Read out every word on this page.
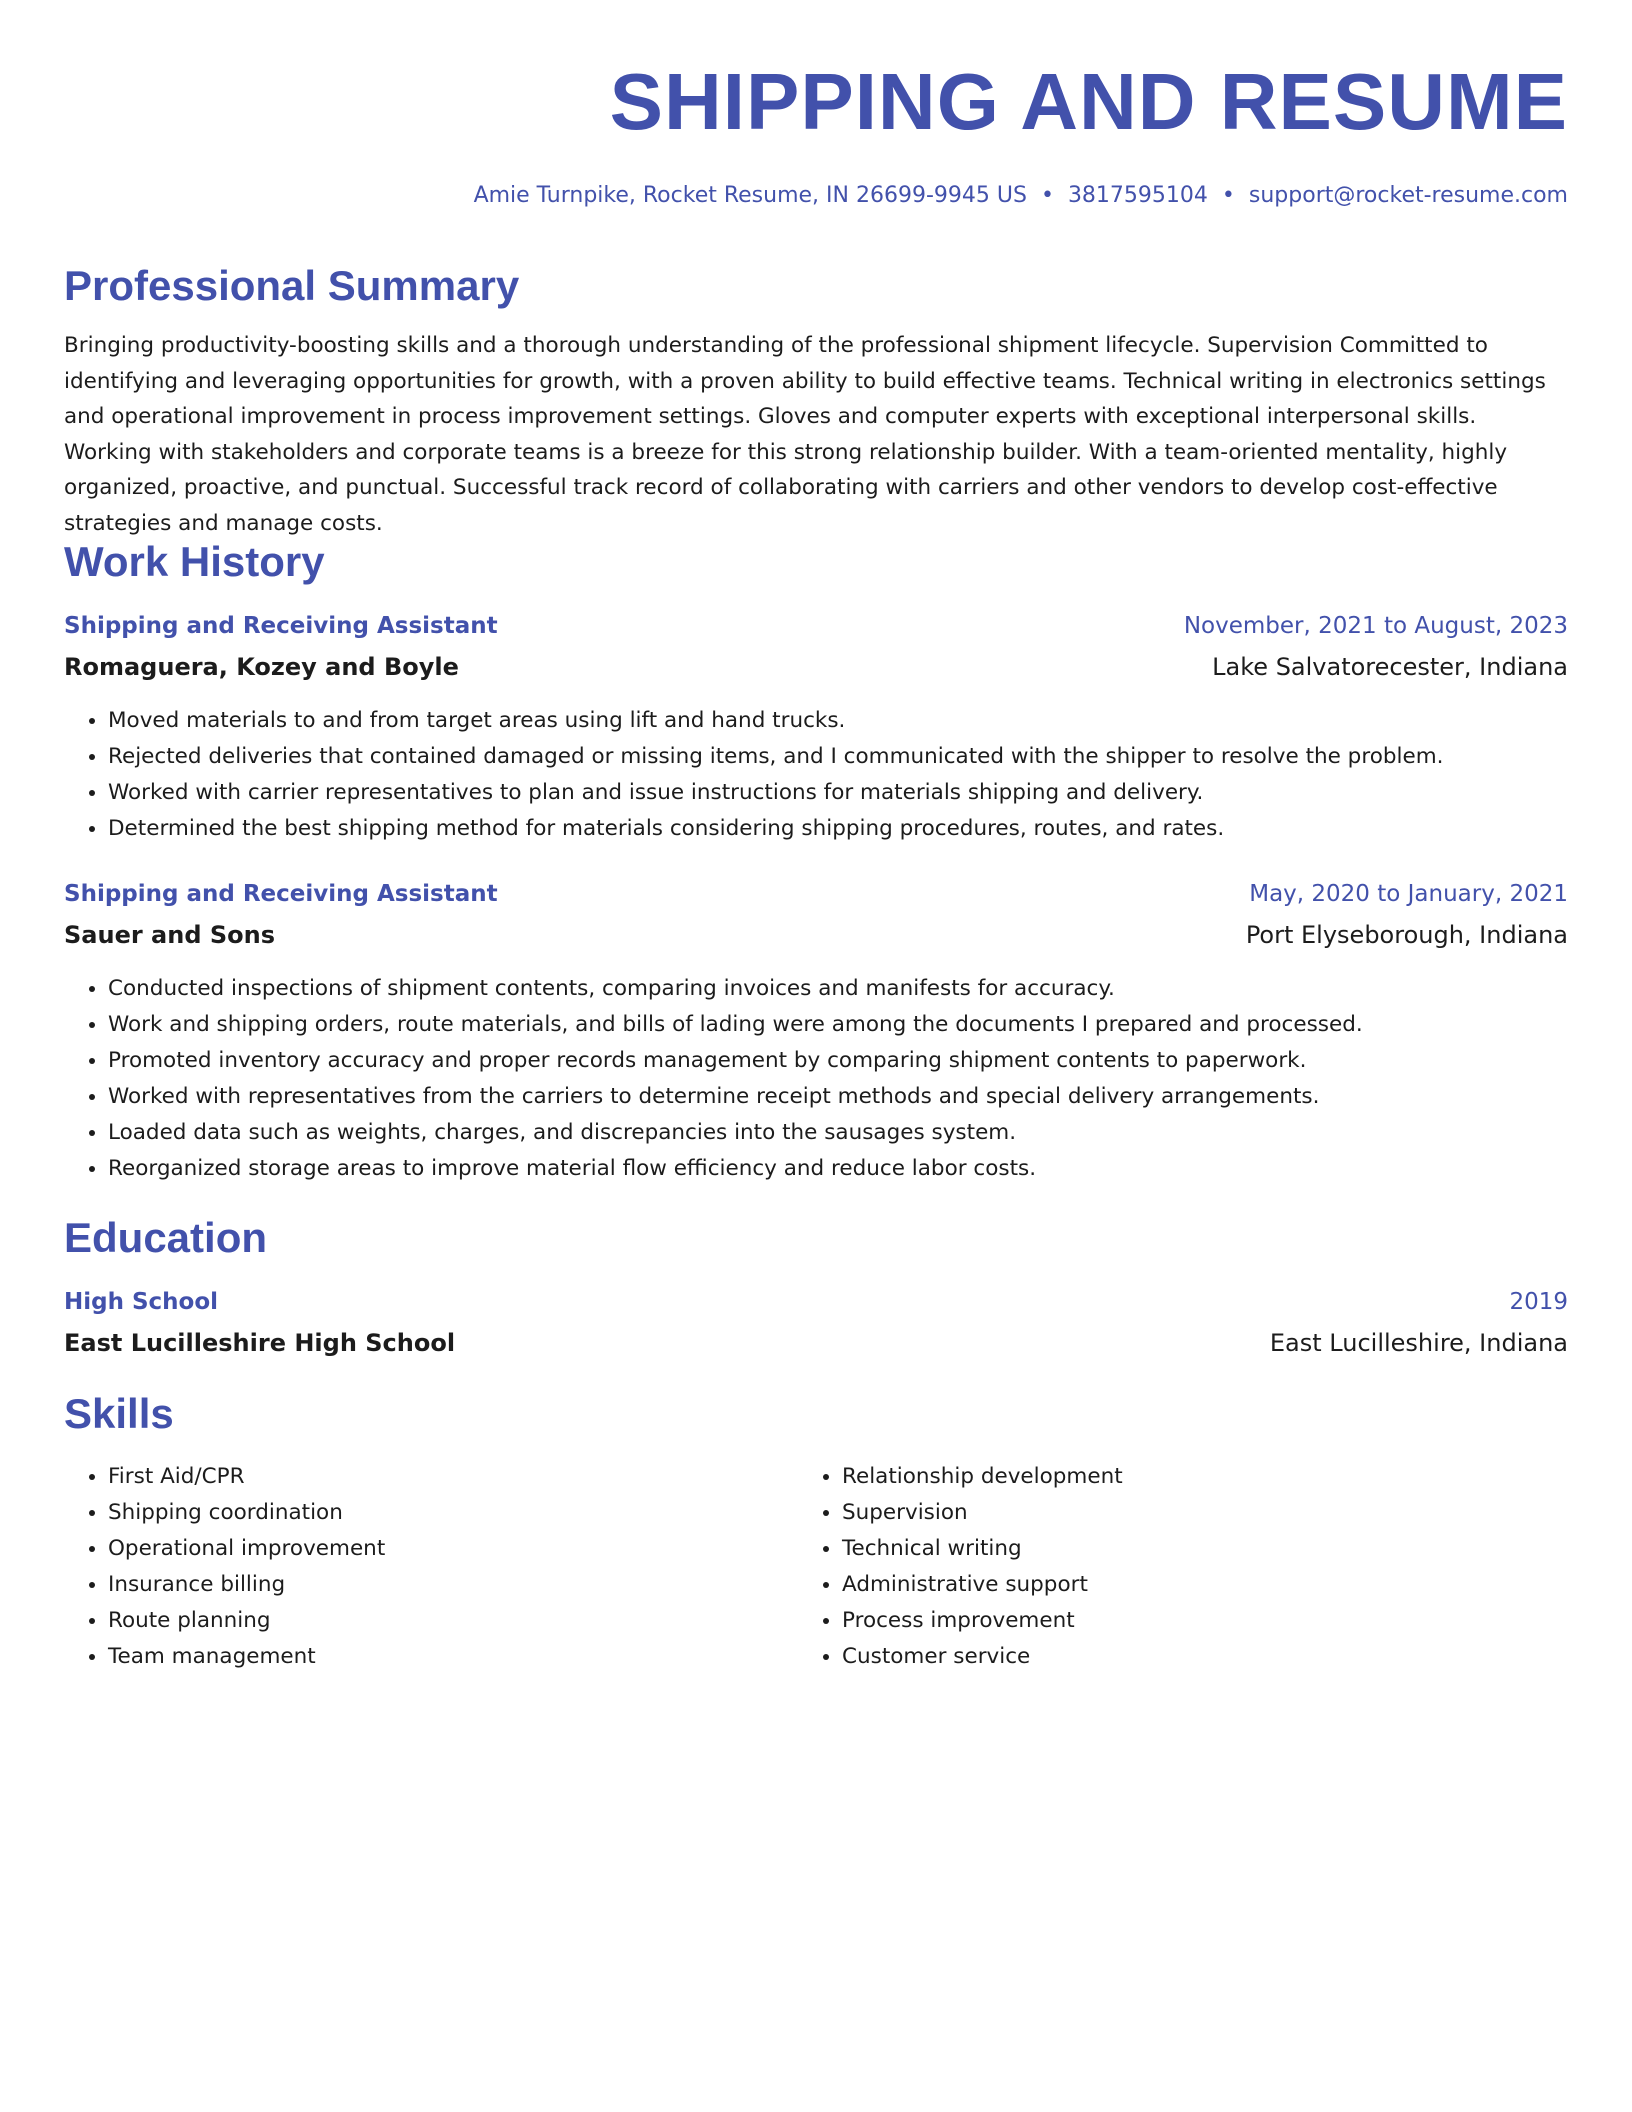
SHIPPING AND RESUME

Amie Turnpike, Rocket Resume, IN 26699-9945 US • 3817595104 • support@rocket-resume.com

Professional Summary

Bringing productivity-boosting skills and a thorough understanding of the professional shipment lifecycle. Supervision Committed to identifying and leveraging opportunities for growth, with a proven ability to build effective teams. Technical writing in electronics settings and operational improvement in process improvement settings. Gloves and computer experts with exceptional interpersonal skills. Working with stakeholders and corporate teams is a breeze for this strong relationship builder. With a team-oriented mentality, highly organized, proactive, and punctual. Successful track record of collaborating with carriers and other vendors to develop cost-effective strategies and manage costs.

Work History
Shipping and Receiving Assistant	November, 2021 to August, 2023
Romaguera, Kozey and Boyle	Lake Salvatorecester, Indiana
• Moved materials to and from target areas using lift and hand trucks.
• Rejected deliveries that contained damaged or missing items, and I communicated with the shipper to resolve the problem.
• Worked with carrier representatives to plan and issue instructions for materials shipping and delivery.
• Determined the best shipping method for materials considering shipping procedures, routes, and rates.
Shipping and Receiving Assistant	May, 2020 to January, 2021
Sauer and Sons	Port Elyseborough, Indiana
• Conducted inspections of shipment contents, comparing invoices and manifests for accuracy.
• Work and shipping orders, route materials, and bills of lading were among the documents I prepared and processed.
• Promoted inventory accuracy and proper records management by comparing shipment contents to paperwork.
• Worked with representatives from the carriers to determine receipt methods and special delivery arrangements.
• Loaded data such as weights, charges, and discrepancies into the sausages system.
• Reorganized storage areas to improve material flow efficiency and reduce labor costs.
Education
High School	2019
East Lucilleshire High School	East Lucilleshire, Indiana
Skills
• First Aid/CPR
• Shipping coordination
• Operational improvement
• Insurance billing
• Route planning
• Team management
• Relationship development
• Supervision
• Technical writing
• Administrative support
• Process improvement
• Customer service
